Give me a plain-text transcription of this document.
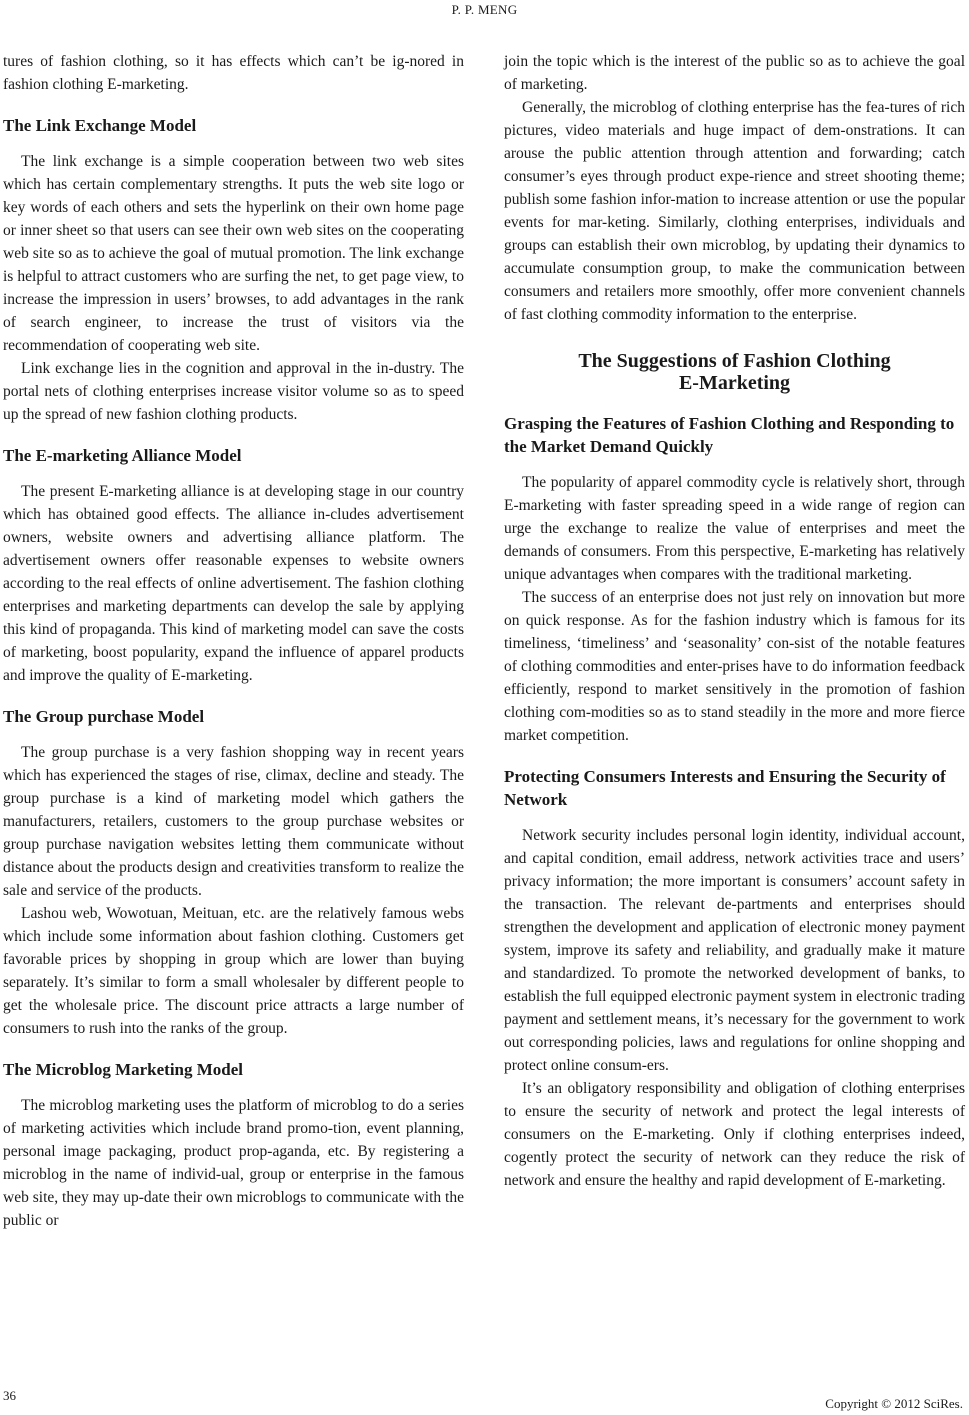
P. P. MENG

tures of fashion clothing, so it has effects which can’t be ig-nored in fashion clothing E-marketing.

The Link Exchange Model

The link exchange is a simple cooperation between two web sites which has certain complementary strengths. It puts the web site logo or key words of each others and sets the hyperlink on their own home page or inner sheet so that users can see their own web sites on the cooperating web site so as to achieve the goal of mutual promotion. The link exchange is helpful to attract customers who are surfing the net, to get page view, to increase the impression in users’ browses, to add advantages in the rank of search engineer, to increase the trust of visitors via the recommendation of cooperating web site.

Link exchange lies in the cognition and approval in the in-dustry. The portal nets of clothing enterprises increase visitor volume so as to speed up the spread of new fashion clothing products.

The E-marketing Alliance Model

The present E-marketing alliance is at developing stage in our country which has obtained good effects. The alliance in-cludes advertisement owners, website owners and advertising alliance platform. The advertisement owners offer reasonable expenses to website owners according to the real effects of online advertisement. The fashion clothing enterprises and marketing departments can develop the sale by applying this kind of propaganda. This kind of marketing model can save the costs of marketing, boost popularity, expand the influence of apparel products and improve the quality of E-marketing.

The Group purchase Model

The group purchase is a very fashion shopping way in recent years which has experienced the stages of rise, climax, decline and steady. The group purchase is a kind of marketing model which gathers the manufacturers, retailers, customers to the group purchase websites or group purchase navigation websites letting them communicate without distance about the products design and creativities transform to realize the sale and service of the products.

Lashou web, Wowotuan, Meituan, etc. are the relatively famous webs which include some information about fashion clothing. Customers get favorable prices by shopping in group which are lower than buying separately. It’s similar to form a small wholesaler by different people to get the wholesale price. The discount price attracts a large number of consumers to rush into the ranks of the group.

The Microblog Marketing Model

The microblog marketing uses the platform of microblog to do a series of marketing activities which include brand promo-tion, event planning, personal image packaging, product prop-aganda, etc. By registering a microblog in the name of individ-ual, group or enterprise in the famous web site, they may up-date their own microblogs to communicate with the public or

join the topic which is the interest of the public so as to achieve the goal of marketing.

Generally, the microblog of clothing enterprise has the fea-tures of rich pictures, video materials and huge impact of dem-onstrations. It can arouse the public attention through attention and forwarding; catch consumer’s eyes through product expe-rience and street shooting theme; publish some fashion infor-mation to increase attention or use the popular events for mar-keting. Similarly, clothing enterprises, individuals and groups can establish their own microblog, by updating their dynamics to accumulate consumption group, to make the communication between consumers and retailers more smoothly, offer more convenient channels of fast clothing commodity information to the enterprise.

The Suggestions of Fashion Clothing
E-Marketing
Grasping the Features of Fashion Clothing and Responding to the Market Demand Quickly

The popularity of apparel commodity cycle is relatively short, through E-marketing with faster spreading speed in a wide range of region can urge the exchange to realize the value of enterprises and meet the demands of consumers. From this perspective, E-marketing has relatively unique advantages when compares with the traditional marketing.

The success of an enterprise does not just rely on innovation but more on quick response. As for the fashion industry which is famous for its timeliness, ‘timeliness’ and ‘seasonality’ con-sist of the notable features of clothing commodities and enter-prises have to do information feedback efficiently, respond to market sensitively in the promotion of fashion clothing com-modities so as to stand steadily in the more and more fierce market competition.

Protecting Consumers Interests and Ensuring the Security of Network

Network security includes personal login identity, individual account, and capital condition, email address, network activities trace and users’ privacy information; the more important is consumers’ account safety in the transaction. The relevant de-partments and enterprises should strengthen the development and application of electronic money payment system, improve its safety and reliability, and gradually make it mature and standardized. To promote the networked development of banks, to establish the full equipped electronic payment system in electronic trading payment and settlement means, it’s necessary for the government to work out corresponding policies, laws and regulations for online shopping and protect online consum-ers.

It’s an obligatory responsibility and obligation of clothing enterprises to ensure the security of network and protect the legal interests of consumers on the E-marketing. Only if clothing enterprises indeed, cogently protect the security of network can they reduce the risk of network and ensure the healthy and rapid development of E-marketing.

36
Copyright © 2012 SciRes.
